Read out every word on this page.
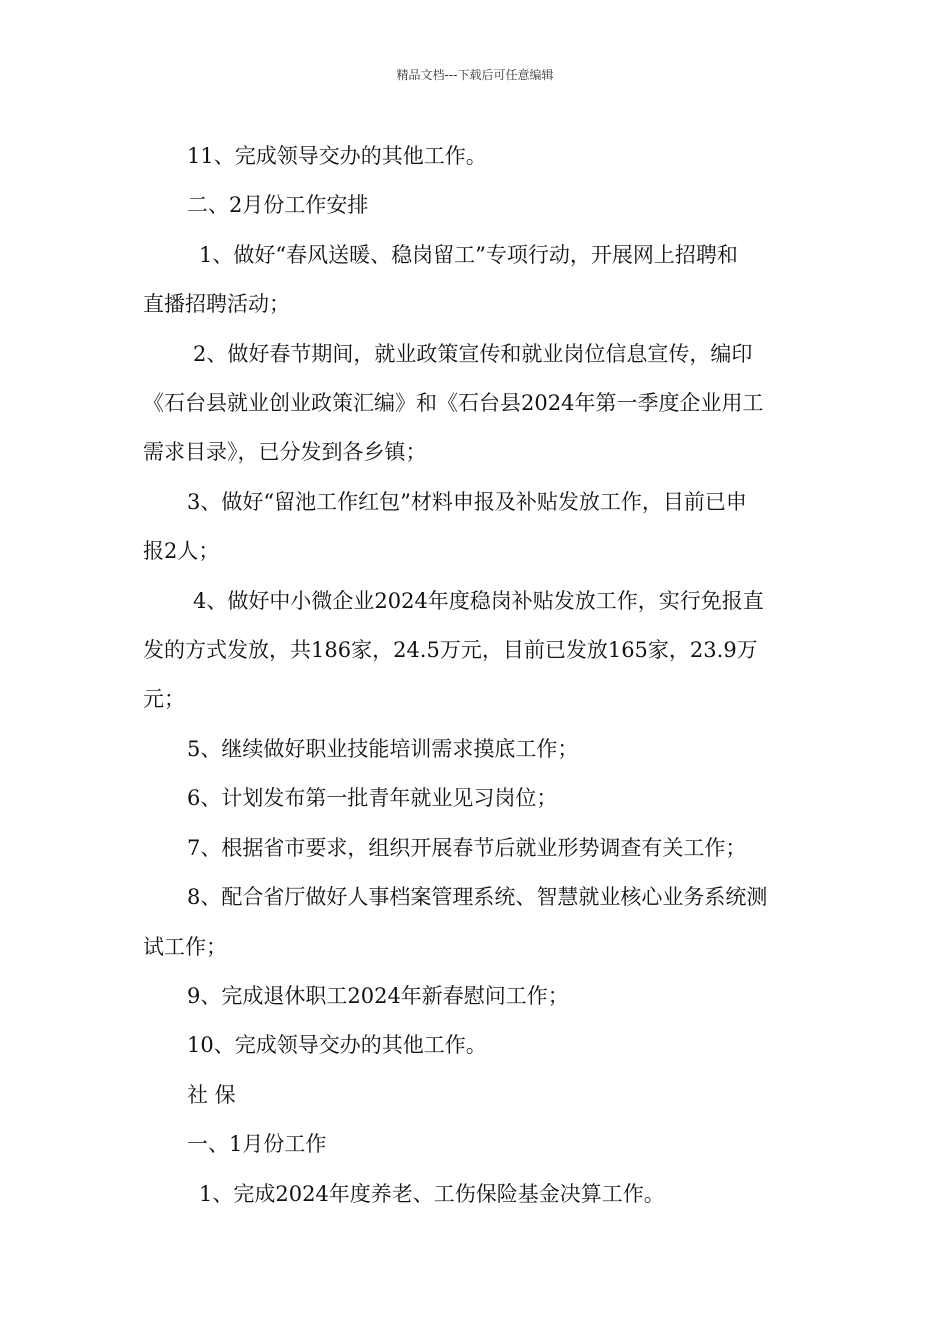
精品文档---下载后可任意编辑

11、完成领导交办的其他工作。

二、2月份工作安排

1、做好“春风送暖、稳岗留工”专项行动，开展网上招聘和
直播招聘活动；

2、做好春节期间，就业政策宣传和就业岗位信息宣传，编印
《石台县就业创业政策汇编》和《石台县2024年第一季度企业用工
需求目录》，已分发到各乡镇；

3、做好“留池工作红包”材料申报及补贴发放工作，目前已申
报2人；

4、做好中小微企业2024年度稳岗补贴发放工作，实行免报直
发的方式发放，共186家，24.5万元，目前已发放165家，23.9万
元；

5、继续做好职业技能培训需求摸底工作；

6、计划发布第一批青年就业见习岗位；

7、根据省市要求，组织开展春节后就业形势调查有关工作；

8、配合省厅做好人事档案管理系统、智慧就业核心业务系统测
试工作；

9、完成退休职工2024年新春慰问工作；

10、完成领导交办的其他工作。

社 保

一、1月份工作

1、完成2024年度养老、工伤保险基金决算工作。
